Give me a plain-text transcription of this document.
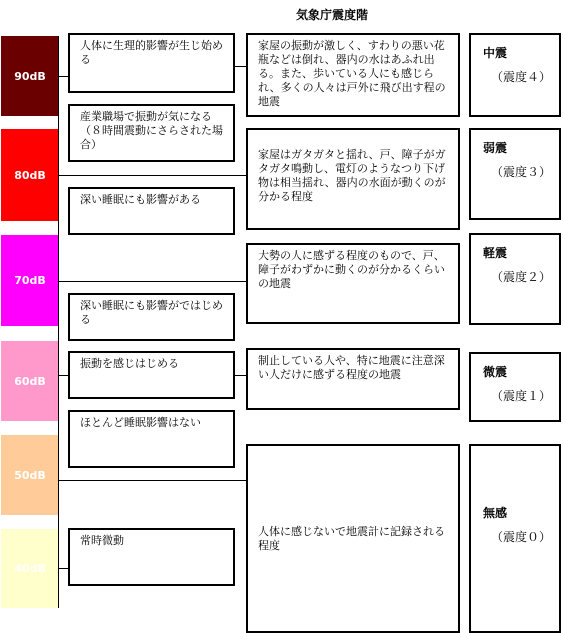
気象庁震度階
90dB
80dB
70dB
60dB
50dB
40dB
人体に生理的影響が生じ始める
産業職場で振動が気になる（８時間震動にさらされた場合）
深い睡眠にも影響がある
深い睡眠にも影響がではじめる
振動を感じはじめる
ほとんど睡眠影響はない
常時微動
家屋の振動が激しく、すわりの悪い花瓶などは倒れ、器内の水はあふれ出る。また、歩いている人にも感じられ、多くの人々は戸外に飛び出す程の地震
家屋はガタガタと揺れ、戸、障子がガタガタ鳴動し、電灯のようなつり下げ物は相当揺れ、器内の水面が動くのが分かる程度
大勢の人に感ずる程度のもので、戸、障子がわずかに動くのが分かるくらいの地震
制止している人や、特に地震に注意深い人だけに感ずる程度の地震
人体に感じないで地震計に記録される程度
中震
（震度４）
弱震
（震度３）
軽震
（震度２）
微震
（震度１）
無感
（震度０）
